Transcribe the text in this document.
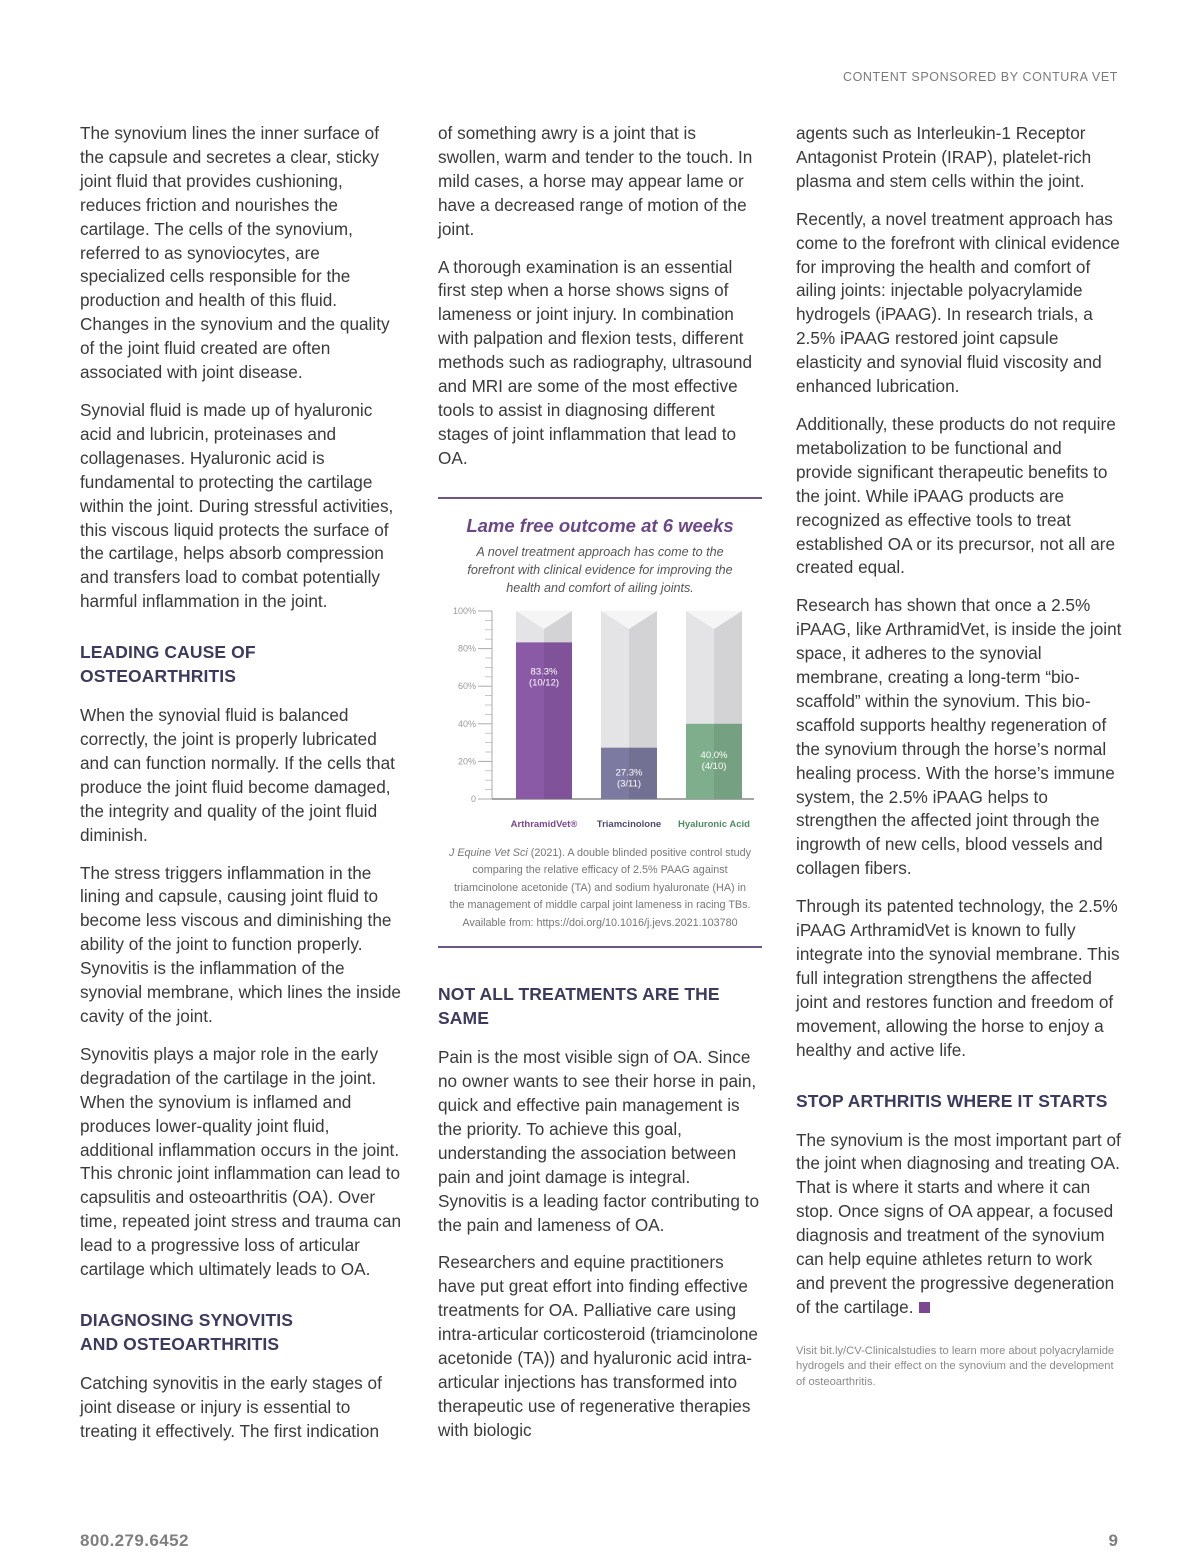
CONTENT SPONSORED BY CONTURA VET

The synovium lines the inner surface of the capsule and secretes a clear, sticky joint fluid that provides cushioning, reduces friction and nourishes the cartilage. The cells of the synovium, referred to as synoviocytes, are specialized cells responsible for the production and health of this fluid. Changes in the synovium and the quality of the joint fluid created are often associated with joint disease.

Synovial fluid is made up of hyaluronic acid and lubricin, proteinases and collagenases. Hyaluronic acid is fundamental to protecting the cartilage within the joint. During stressful activities, this viscous liquid protects the surface of the cartilage, helps absorb compression and transfers load to combat potentially harmful inflammation in the joint.

LEADING CAUSE OF OSTEOARTHRITIS

When the synovial fluid is balanced correctly, the joint is properly lubricated and can function normally. If the cells that produce the joint fluid become damaged, the integrity and quality of the joint fluid diminish.

The stress triggers inflammation in the lining and capsule, causing joint fluid to become less viscous and diminishing the ability of the joint to function properly. Synovitis is the inflammation of the synovial membrane, which lines the inside cavity of the joint.

Synovitis plays a major role in the early degradation of the cartilage in the joint. When the synovium is inflamed and produces lower-quality joint fluid, additional inflammation occurs in the joint. This chronic joint inflammation can lead to capsulitis and osteoarthritis (OA). Over time, repeated joint stress and trauma can lead to a progressive loss of articular cartilage which ultimately leads to OA.

DIAGNOSING SYNOVITIS
AND OSTEOARTHRITIS

Catching synovitis in the early stages of joint disease or injury is essential to treating it effectively. The first indication

of something awry is a joint that is swollen, warm and tender to the touch. In mild cases, a horse may appear lame or have a decreased range of motion of the joint.

A thorough examination is an essential first step when a horse shows signs of lameness or joint injury. In combination with palpation and flexion tests, different methods such as radiography, ultrasound and MRI are some of the most effective tools to assist in diagnosing different stages of joint inflammation that lead to OA.

Lame free outcome at 6 weeks
A novel treatment approach has come to the forefront with clinical evidence for improving the health and comfort of ailing joints.
0
20%
40%
60%
80%
100%
83.3%
(10/12)
ArthramidVet®
27.3%
(3/11)
Triamcinolone
40.0%
(4/10)
Hyaluronic Acid
J Equine Vet Sci (2021). A double blinded positive control study comparing the relative efficacy of 2.5% PAAG against triamcinolone acetonide (TA) and sodium hyaluronate (HA) in the management of middle carpal joint lameness in racing TBs. Available from: https://doi.org/10.1016/j.jevs.2021.103780
NOT ALL TREATMENTS ARE THE SAME

Pain is the most visible sign of OA. Since no owner wants to see their horse in pain, quick and effective pain management is the priority. To achieve this goal, understanding the association between pain and joint damage is integral. Synovitis is a leading factor contributing to the pain and lameness of OA.

Researchers and equine practitioners have put great effort into finding effective treatments for OA. Palliative care using intra-articular corticosteroid (triamcinolone acetonide (TA)) and hyaluronic acid intra-articular injections has transformed into therapeutic use of regenerative therapies with biologic

agents such as Interleukin-1 Receptor Antagonist Protein (IRAP), platelet-rich plasma and stem cells within the joint.

Recently, a novel treatment approach has come to the forefront with clinical evidence for improving the health and comfort of ailing joints: injectable polyacrylamide hydrogels (iPAAG). In research trials, a 2.5% iPAAG restored joint capsule elasticity and synovial fluid viscosity and enhanced lubrication.

Additionally, these products do not require metabolization to be functional and provide significant therapeutic benefits to the joint. While iPAAG products are recognized as effective tools to treat established OA or its precursor, not all are created equal.

Research has shown that once a 2.5% iPAAG, like ArthramidVet, is inside the joint space, it adheres to the synovial membrane, creating a long-term “bio-scaffold” within the synovium. This bio-scaffold supports healthy regeneration of the synovium through the horse’s normal healing process. With the horse’s immune system, the 2.5% iPAAG helps to strengthen the affected joint through the ingrowth of new cells, blood vessels and collagen fibers.

Through its patented technology, the 2.5% iPAAG ArthramidVet is known to fully integrate into the synovial membrane. This full integration strengthens the affected joint and restores function and freedom of movement, allowing the horse to enjoy a healthy and active life.

STOP ARTHRITIS WHERE IT STARTS

The synovium is the most important part of the joint when diagnosing and treating OA. That is where it starts and where it can stop. Once signs of OA appear, a focused diagnosis and treatment of the synovium can help equine athletes return to work and prevent the progressive degeneration of the cartilage.

Visit bit.ly/CV-Clinicalstudies to learn more about polyacrylamide hydrogels and their effect on the synovium and the development of osteoarthritis.
800.279.6452	9
